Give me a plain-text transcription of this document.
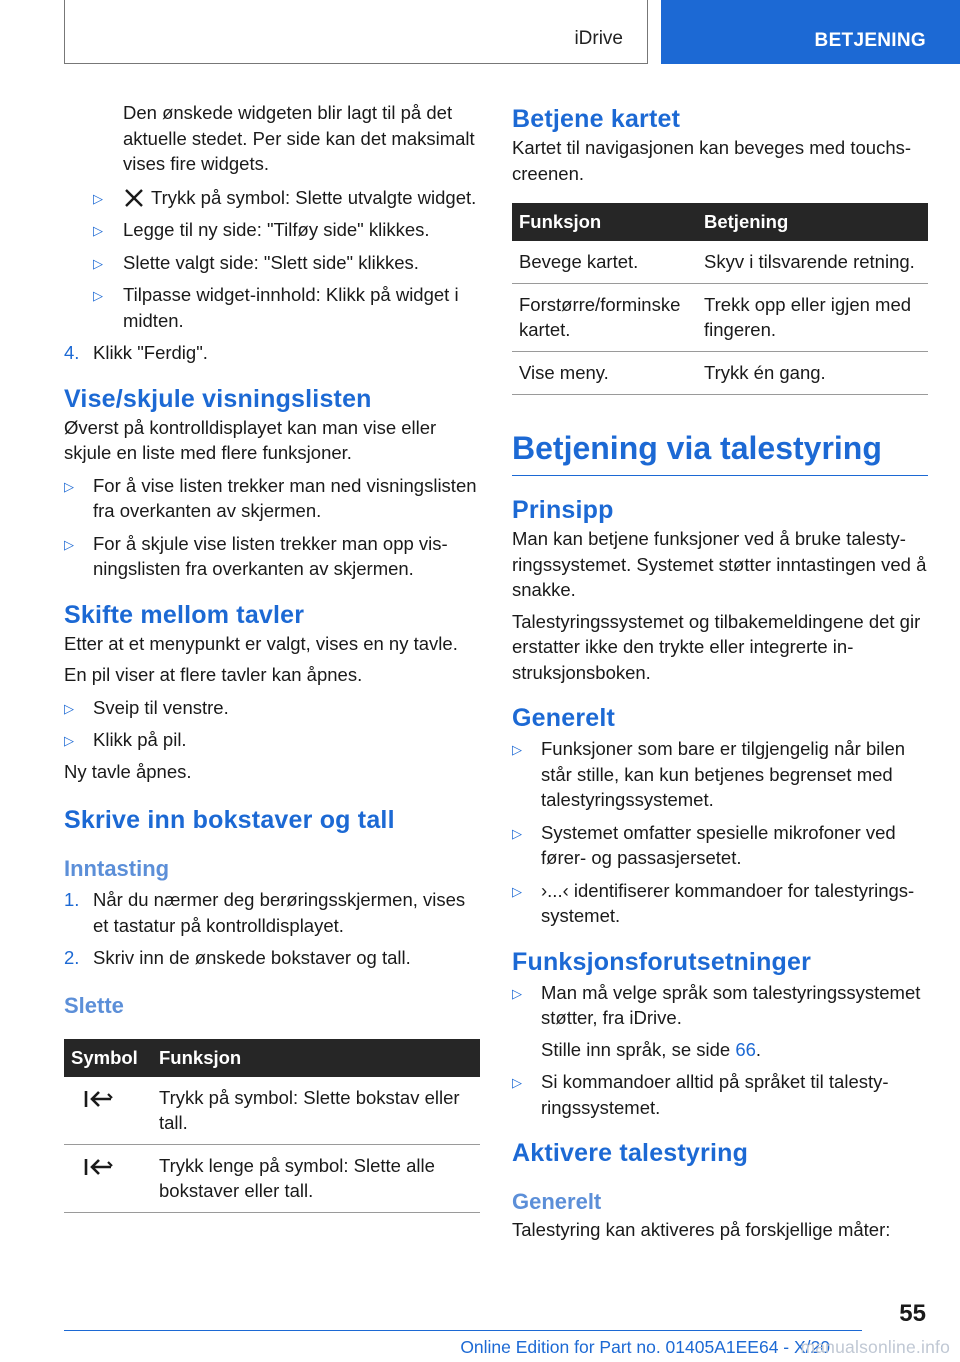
iDrive	BETJENING

Den ønskede widgeten blir lagt til på det aktuelle stedet. Per side kan det maksimalt vises fire widgets.

▷	Trykk på symbol: Slette utvalgte widget.

▷ Legge til ny side: "Tilføy side" klikkes.

▷ Slette valgt side: "Slett side" klikkes.

▷ Tilpasse widget-innhold: Klikk på widget i midten.

4. Klikk "Ferdig".

Vise/skjule visningslisten

Øverst på kontrolldisplayet kan man vise eller skjule en liste med flere funksjoner.

▷ For å vise listen trekker man ned visningslisten fra overkanten av skjermen.

▷ For å skjule vise listen trekker man opp visningslisten fra overkanten av skjermen.

Skifte mellom tavler

Etter at et menypunkt er valgt, vises en ny tavle.

En pil viser at flere tavler kan åpnes.

▷ Sveip til venstre.

▷ Klikk på pil.

Ny tavle åpnes.

Skrive inn bokstaver og tall
Inntasting
1. Når du nærmer deg berøringsskjermen, vises et tastatur på kontrolldisplayet.

2. Skriv inn de ønskede bokstaver og tall.

Slette
Symbol	Funksjon

	Trykk på symbol: Slette bokstav eller tall.

	Trykk lenge på symbol: Slette alle bokstaver eller tall.
Betjene kartet

Kartet til navigasjonen kan beveges med touchscreenen.

Funksjon	Betjening
Bevege kartet.	Skyv i tilsvarende retning.
Forstørre/forminske kartet.	Trekk opp eller igjen med fingeren.
Vise meny.	Trykk én gang.
Betjening via talestyring
Prinsipp

Man kan betjene funksjoner ved å bruke talestyringssystemet. Systemet støtter inntastingen ved å snakke.

Talestyringssystemet og tilbakemeldingene det gir erstatter ikke den trykte eller integrerte instruksjonsboken.

Generelt
▷ Funksjoner som bare er tilgjengelig når bilen står stille, kan kun betjenes begrenset med talestyringssystemet.

▷ Systemet omfatter spesielle mikrofoner ved fører- og passasjersetet.

▷ ›...‹ identifiserer kommandoer for talestyringssystemet.

Funksjonsforutsetninger
▷ Man må velge språk som talestyringssystemet støtter, fra iDrive.

Stille inn språk, se side 66.

▷ Si kommandoer alltid på språket til talestyringssystemet.

Aktivere talestyring
Generelt

Talestyring kan aktiveres på forskjellige måter:

55
Online Edition for Part no. 01405A1EE64 - X/20
manualsonline.info
